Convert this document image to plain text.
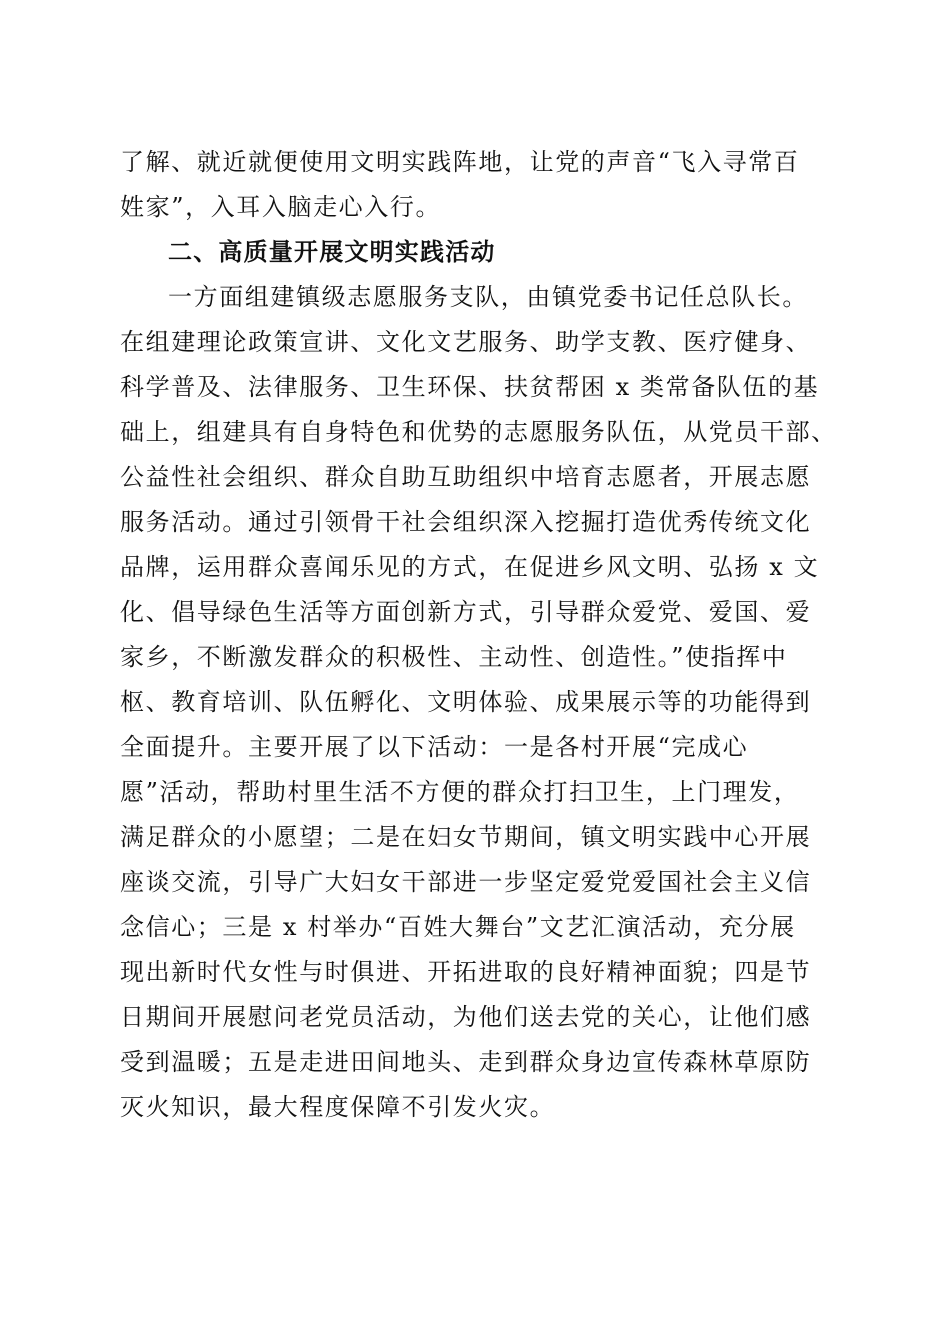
了解、就近就便使用文明实践阵地，让党的声音“飞入寻常百
姓家”，入耳入脑走心入行。
二、高质量开展文明实践活动
一方面组建镇级志愿服务支队，由镇党委书记任总队长。
在组建理论政策宣讲、文化文艺服务、助学支教、医疗健身、
科学普及、法律服务、卫生环保、扶贫帮困 x 类常备队伍的基
础上，组建具有自身特色和优势的志愿服务队伍，从党员干部、
公益性社会组织、群众自助互助组织中培育志愿者，开展志愿
服务活动。通过引领骨干社会组织深入挖掘打造优秀传统文化
品牌，运用群众喜闻乐见的方式，在促进乡风文明、弘扬 x 文
化、倡导绿色生活等方面创新方式，引导群众爱党、爱国、爱
家乡，不断激发群众的积极性、主动性、创造性。”使指挥中
枢、教育培训、队伍孵化、文明体验、成果展示等的功能得到
全面提升。主要开展了以下活动：一是各村开展“完成心
愿”活动，帮助村里生活不方便的群众打扫卫生，上门理发，
满足群众的小愿望；二是在妇女节期间，镇文明实践中心开展
座谈交流，引导广大妇女干部进一步坚定爱党爱国社会主义信
念信心；三是 x 村举办“百姓大舞台”文艺汇演活动，充分展
现出新时代女性与时俱进、开拓进取的良好精神面貌；四是节
日期间开展慰问老党员活动，为他们送去党的关心，让他们感
受到温暖；五是走进田间地头、走到群众身边宣传森林草原防
灭火知识，最大程度保障不引发火灾。
